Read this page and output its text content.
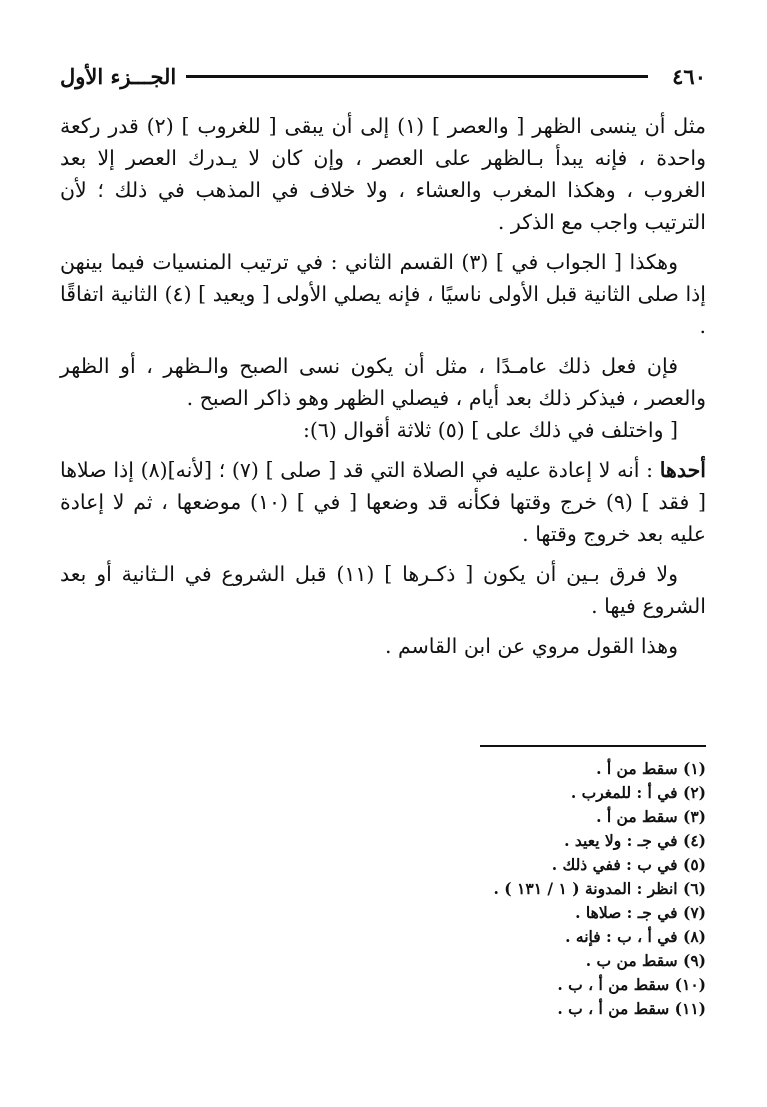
٤٦٠
الجـــزء الأول

مثل أن ينسى الظهر [ والعصر ] (١) إلى أن يبقى [ للغروب ] (٢) قدر ركعة واحدة ، فإنه يبدأ بـالظهر على العصر ، وإن كان لا يـدرك العصر إلا بعد الغروب ، وهكذا المغرب والعشاء ، ولا خلاف في المذهب في ذلك ؛ لأن الترتيب واجب مع الذكر .

وهكذا [ الجواب في ] (٣) القسم الثاني : في ترتيب المنسيات فيما بينهن إذا صلى الثانية قبل الأولى ناسيًا ، فإنه يصلي الأولى [ ويعيد ] (٤) الثانية اتفاقًا .

فإن فعل ذلك عامـدًا ، مثل أن يكون نسى الصبح والـظهر ، أو الظهر والعصر ، فيذكر ذلك بعد أيام ، فيصلي الظهر وهو ذاكر الصبح .

[ واختلف في ذلك على ] (٥) ثلاثة أقوال (٦):

أحدها : أنه لا إعادة عليه في الصلاة التي قد [ صلى ] (٧) ؛ [لأنه](٨) إذا صلاها [ فقد ] (٩) خرج وقتها فكأنه قد وضعها [ في ] (١٠) موضعها ، ثم لا إعادة عليه بعد خروج وقتها .

ولا فرق بـين أن يكون [ ذكـرها ] (١١) قبل الشروع في الـثانية أو بعد الشروع فيها .

وهذا القول مروي عن ابن القاسم .

(١) سقط من أ .
(٢) في أ : للمغرب .
(٣) سقط من أ .
(٤) في جـ : ولا يعيد .
(٥) في ب : ففي ذلك .
(٦) انظر : المدونة ( ١ / ١٣١ ) .
(٧) في جـ : صلاها .
(٨) في أ ، ب : فإنه .
(٩) سقط من ب .
(١٠) سقط من أ ، ب .
(١١) سقط من أ ، ب .
